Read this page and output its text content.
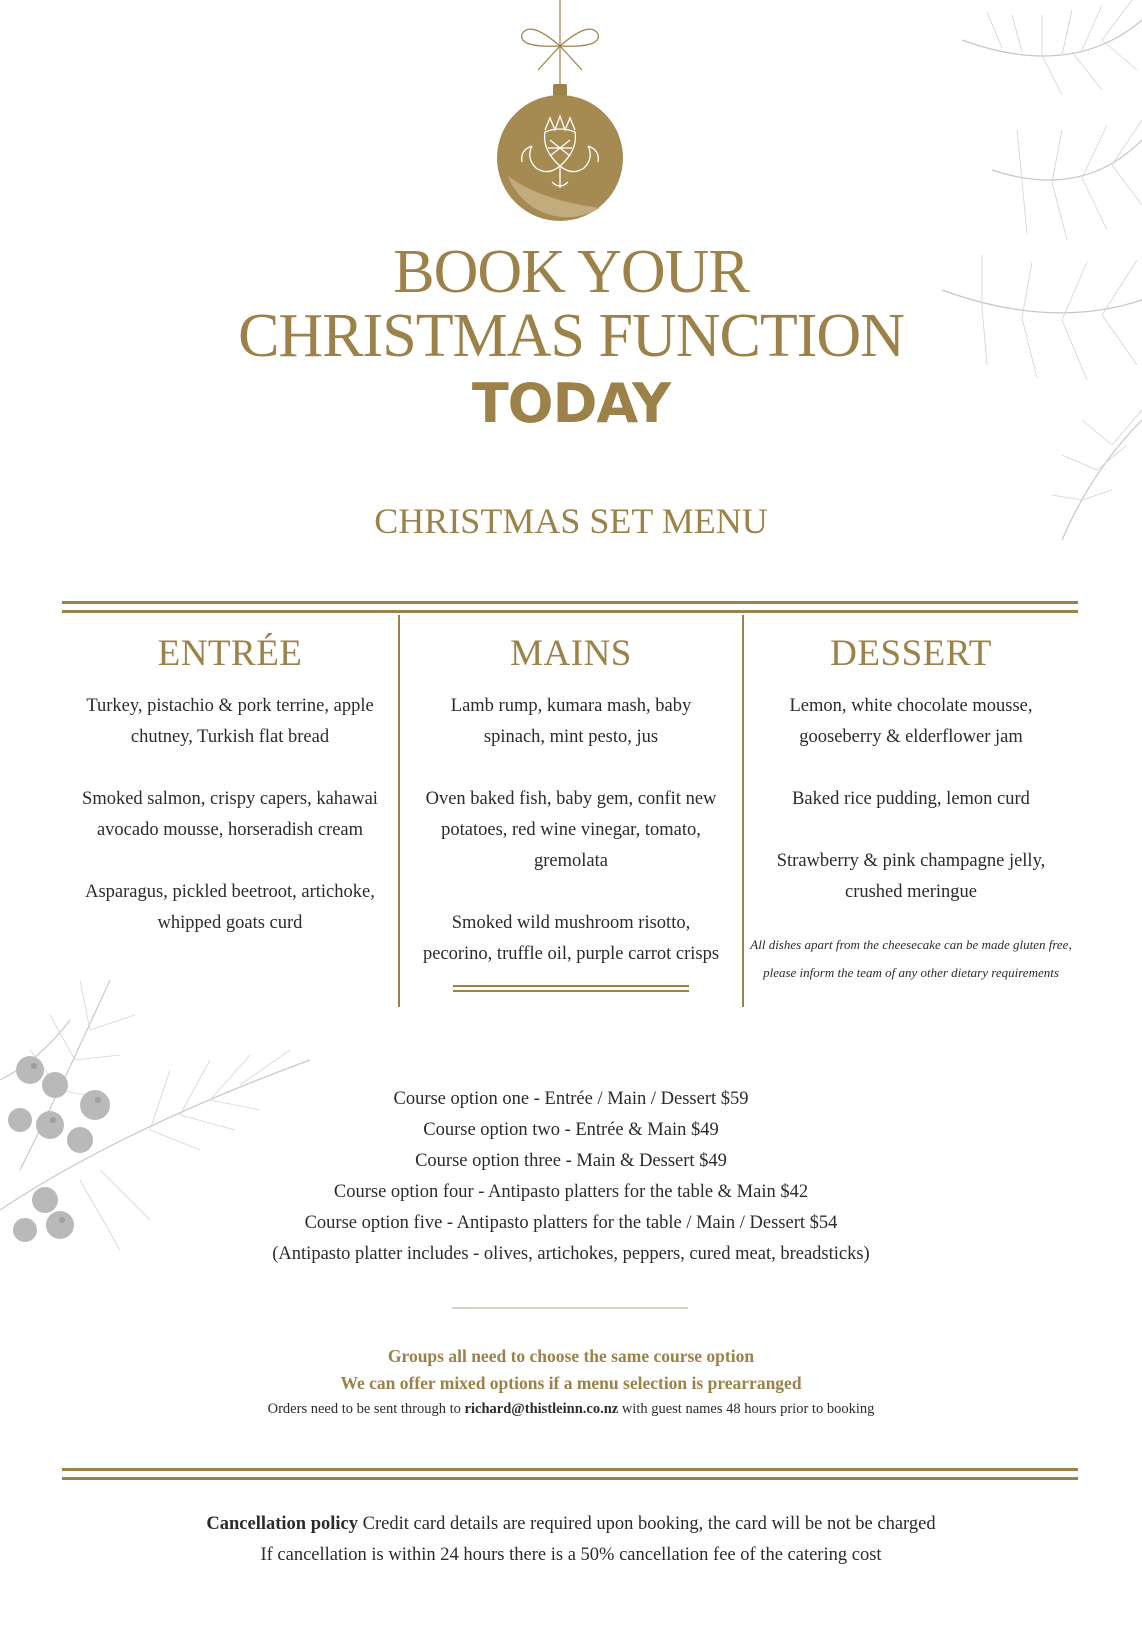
BOOK YOUR
CHRISTMAS FUNCTION
TODAY
CHRISTMAS SET MENU
ENTRÉE
Turkey, pistachio & pork terrine, apple
chutney, Turkish flat bread
Smoked salmon, crispy capers, kahawai
avocado mousse, horseradish cream
Asparagus, pickled beetroot, artichoke,
whipped goats curd
MAINS
Lamb rump, kumara mash, baby
spinach, mint pesto, jus
Oven baked fish, baby gem, confit new
potatoes, red wine vinegar, tomato,
gremolata
Smoked wild mushroom risotto,
pecorino, truffle oil, purple carrot crisps
DESSERT
Lemon, white chocolate mousse,
gooseberry & elderflower jam
Baked rice pudding, lemon curd
Strawberry & pink champagne jelly,
crushed meringue
All dishes apart from the cheesecake can be made gluten free,
please inform the team of any other dietary requirements
Course option one - Entrée / Main / Dessert $59
Course option two - Entrée & Main $49
Course option three - Main & Dessert $49
Course option four - Antipasto platters for the table & Main $42
Course option five - Antipasto platters for the table / Main / Dessert $54
(Antipasto platter includes - olives, artichokes, peppers, cured meat, breadsticks)
Groups all need to choose the same course option
We can offer mixed options if a menu selection is prearranged
Orders need to be sent through to richard@thistleinn.co.nz with guest names 48 hours prior to booking
Cancellation policy Credit card details are required upon booking, the card will be not be charged
If cancellation is within 24 hours there is a 50% cancellation fee of the catering cost
